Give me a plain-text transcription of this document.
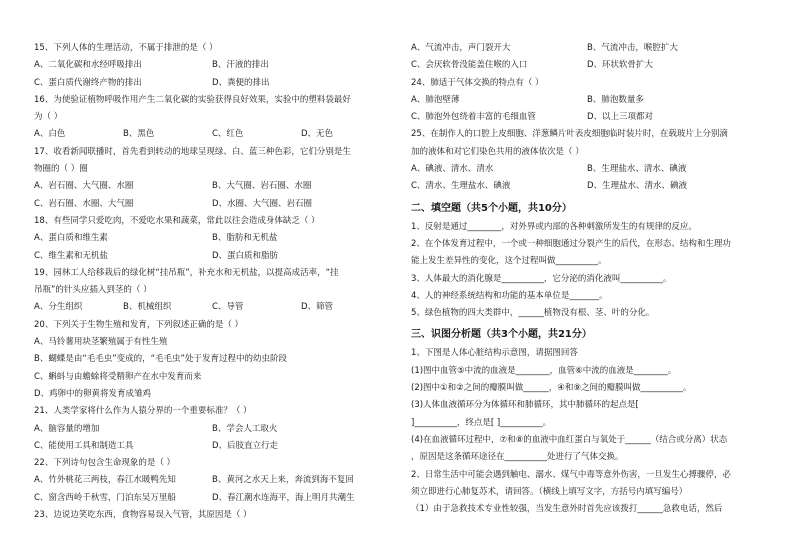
15、下列人体的生理活动，不属于排泄的是（ ）
A、二氧化碳和水经呼吸排出	B、汗液的排出
C、蛋白质代谢终产物的排出	D、粪便的排出
16、为使验证植物呼吸作用产生二氧化碳的实验获得良好效果，实验中的塑料袋最好
为（ ）
A、白色	B、黑色	C、红色	D、无色
17、收看新闻联播时，首先看到转动的地球呈现绿、白、蓝三种色彩，它们分别是生
物圈的（ ）圈
A、岩石圈、大气圈、水圈	B、大气圈、岩石圈、水圈
C、岩石圈、水圈、大气圈	D、水圈、大气圈、岩石圈
18、有些同学只爱吃肉，不爱吃水果和蔬菜，常此以往会造成身体缺乏（ ）
A、蛋白质和维生素	B、脂肪和无机盐
C、维生素和无机盐	D、蛋白质和脂肪
19、园林工人给移栽后的绿化树“挂吊瓶”，补充水和无机盐，以提高成活率，“挂
吊瓶”的针头应插入到茎的（ ）
A、分生组织	B、机械组织	C、导管	D、筛管
20、下列关于生物生殖和发育，下列叙述正确的是（ ）
A、马铃薯用块茎繁殖属于有性生殖
B、蝴蝶是由“毛毛虫”变成的，“毛毛虫”处于发育过程中的幼虫阶段
C、蝌蚪与由蟾蜍将受精卵产在水中发育而来
D、鸡卵中的卵黄将发育成雏鸡
21、人类学家将什么作为人猿分界的一个重要标准？（ ）
A、脑容量的增加	B、学会人工取火
C、能使用工具和制造工具	D、后肢直立行走
22、下列诗句包含生命现象的是（ ）
A、竹外桃花三两枝，春江水暖鸭先知	B、黄河之水天上来，奔流到海不复回
C、窗含西岭千秋雪，门泊东吴万里船	D、春江潮水连海平，海上明月共潮生
23、边说边笑吃东西，食物容易误入气管，其原因是（ ）
A、气流冲击，声门裂开大	B、气流冲击，喉腔扩大
C、会厌软骨没能盖住喉的入口	D、环状软骨扩大
24、肺适于气体交换的特点有（ ）
A、肺泡壁薄	B、肺泡数量多
C、肺泡外包绕着丰富的毛细血管	D、以上三项都对
25、在制作人的口腔上皮细胞、洋葱鳞片叶表皮细胞临时装片时，在载玻片上分别滴
加的液体和对它们染色共用的液体依次是（ ）
A、碘液、清水、清水	B、生理盐水、清水、碘液
C、清水、生理盐水、碘液	D、生理盐水、清水、碘液
二、填空题（共5个小题，共10分）
1、反射是通过________，对外界或内部的各种刺激所发生的有规律的反应。
2、在个体发育过程中，一个或一种细胞通过分裂产生的后代，在形态、结构和生理功
能上发生差异性的变化，这个过程叫做__________。
3、人体最大的消化腺是__________，它分泌的消化液叫__________。
4、人的神经系统结构和功能的基本单位是_______。
5、绿色植物的四大类群中，______植物没有根、茎、叶的分化。
三、识图分析题（共3个小题，共21分）
1、下图是人体心脏结构示意图，请据图回答
(1)图中血管⑤中流的血液是________，血管⑥中流的血液是________。
(2)图中①和②之间的瓣膜叫做______，④和⑨之间的瓣膜叫做__________。
(3)人体血液循环分为体循环和肺循环，其中肺循环的起点是[
]__________，终点是[ ]__________。
(4)在血液循环过程中，⑦和⑧的血液中血红蛋白与氧处于______（结合或分离）状态
，原因是这条循环途径在__________处进行了气体交换。
2、日常生活中可能会遇到触电、溺水、煤气中毒等意外伤害，一旦发生心搏骤停，必
须立即进行心肺复苏术，请回答。（横线上填写文字，方括号内填写编号）
（1）由于急救技术专业性较强，当发生意外时首先应该拨打______急救电话，然后
